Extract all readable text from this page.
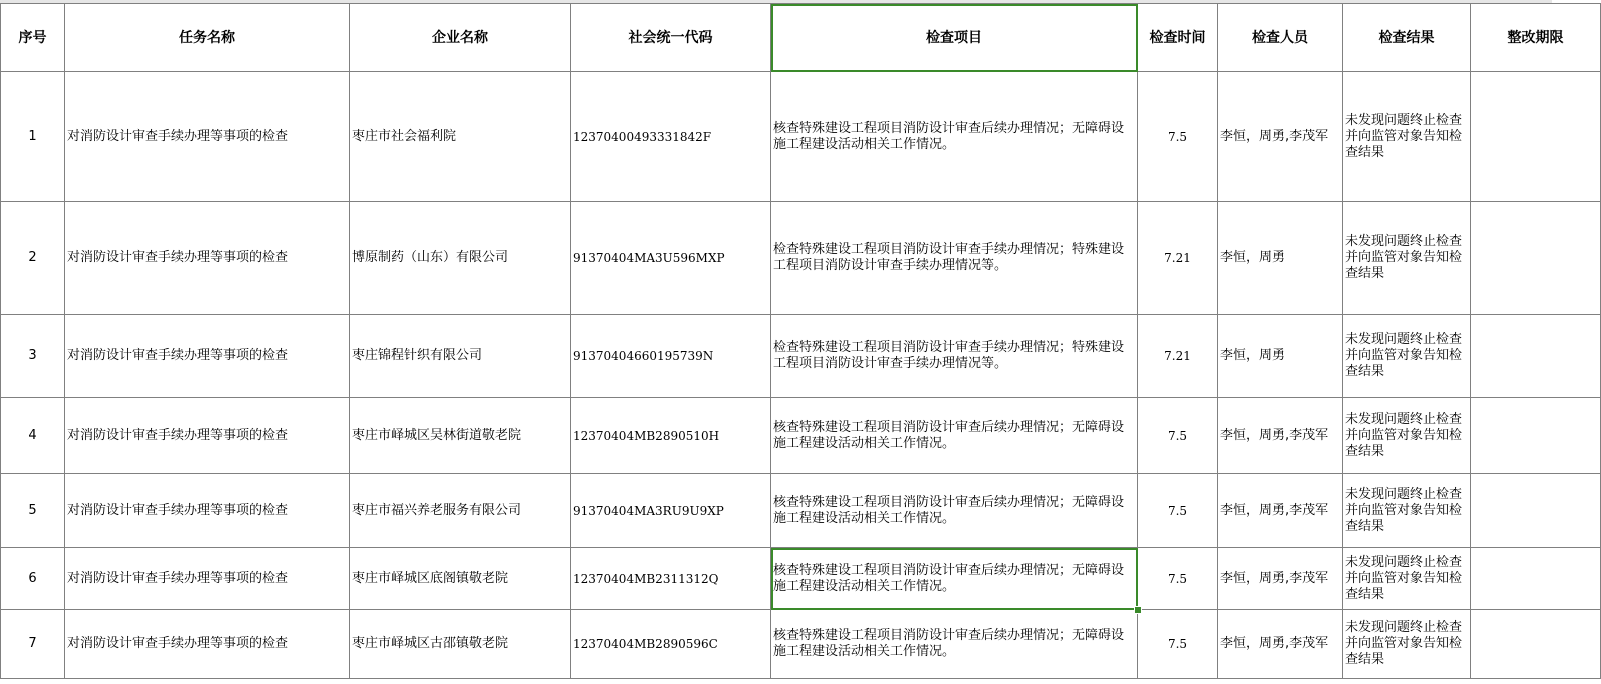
序号	任务名称	企业名称	社会统一代码	检查项目	检查时间	检查人员	检查结果	整改期限
1	对消防设计审查手续办理等事项的检查	枣庄市社会福利院	12370400493331842F	核查特殊建设工程项目消防设计审查后续办理情况；无障碍设施工程建设活动相关工作情况。	7.5	李恒，周勇,李茂军	未发现问题终止检查并向监管对象告知检查结果	
2	对消防设计审查手续办理等事项的检查	博原制药（山东）有限公司	91370404MA3U596MXP	检查特殊建设工程项目消防设计审查手续办理情况；特殊建设工程项目消防设计审查手续办理情况等。	7.21	李恒，周勇	未发现问题终止检查并向监管对象告知检查结果	
3	对消防设计审查手续办理等事项的检查	枣庄锦程针织有限公司	91370404660195739N	检查特殊建设工程项目消防设计审查手续办理情况；特殊建设工程项目消防设计审查手续办理情况等。	7.21	李恒，周勇	未发现问题终止检查并向监管对象告知检查结果	
4	对消防设计审查手续办理等事项的检查	枣庄市峄城区吴林街道敬老院	12370404MB2890510H	核查特殊建设工程项目消防设计审查后续办理情况；无障碍设施工程建设活动相关工作情况。	7.5	李恒，周勇,李茂军	未发现问题终止检查并向监管对象告知检查结果	
5	对消防设计审查手续办理等事项的检查	枣庄市福兴养老服务有限公司	91370404MA3RU9U9XP	核查特殊建设工程项目消防设计审查后续办理情况；无障碍设施工程建设活动相关工作情况。	7.5	李恒，周勇,李茂军	未发现问题终止检查并向监管对象告知检查结果	
6	对消防设计审查手续办理等事项的检查	枣庄市峄城区底阁镇敬老院	12370404MB2311312Q	核查特殊建设工程项目消防设计审查后续办理情况；无障碍设施工程建设活动相关工作情况。	7.5	李恒，周勇,李茂军	未发现问题终止检查并向监管对象告知检查结果	
7	对消防设计审查手续办理等事项的检查	枣庄市峄城区古邵镇敬老院	12370404MB2890596C	核查特殊建设工程项目消防设计审查后续办理情况；无障碍设施工程建设活动相关工作情况。	7.5	李恒，周勇,李茂军	未发现问题终止检查并向监管对象告知检查结果	
